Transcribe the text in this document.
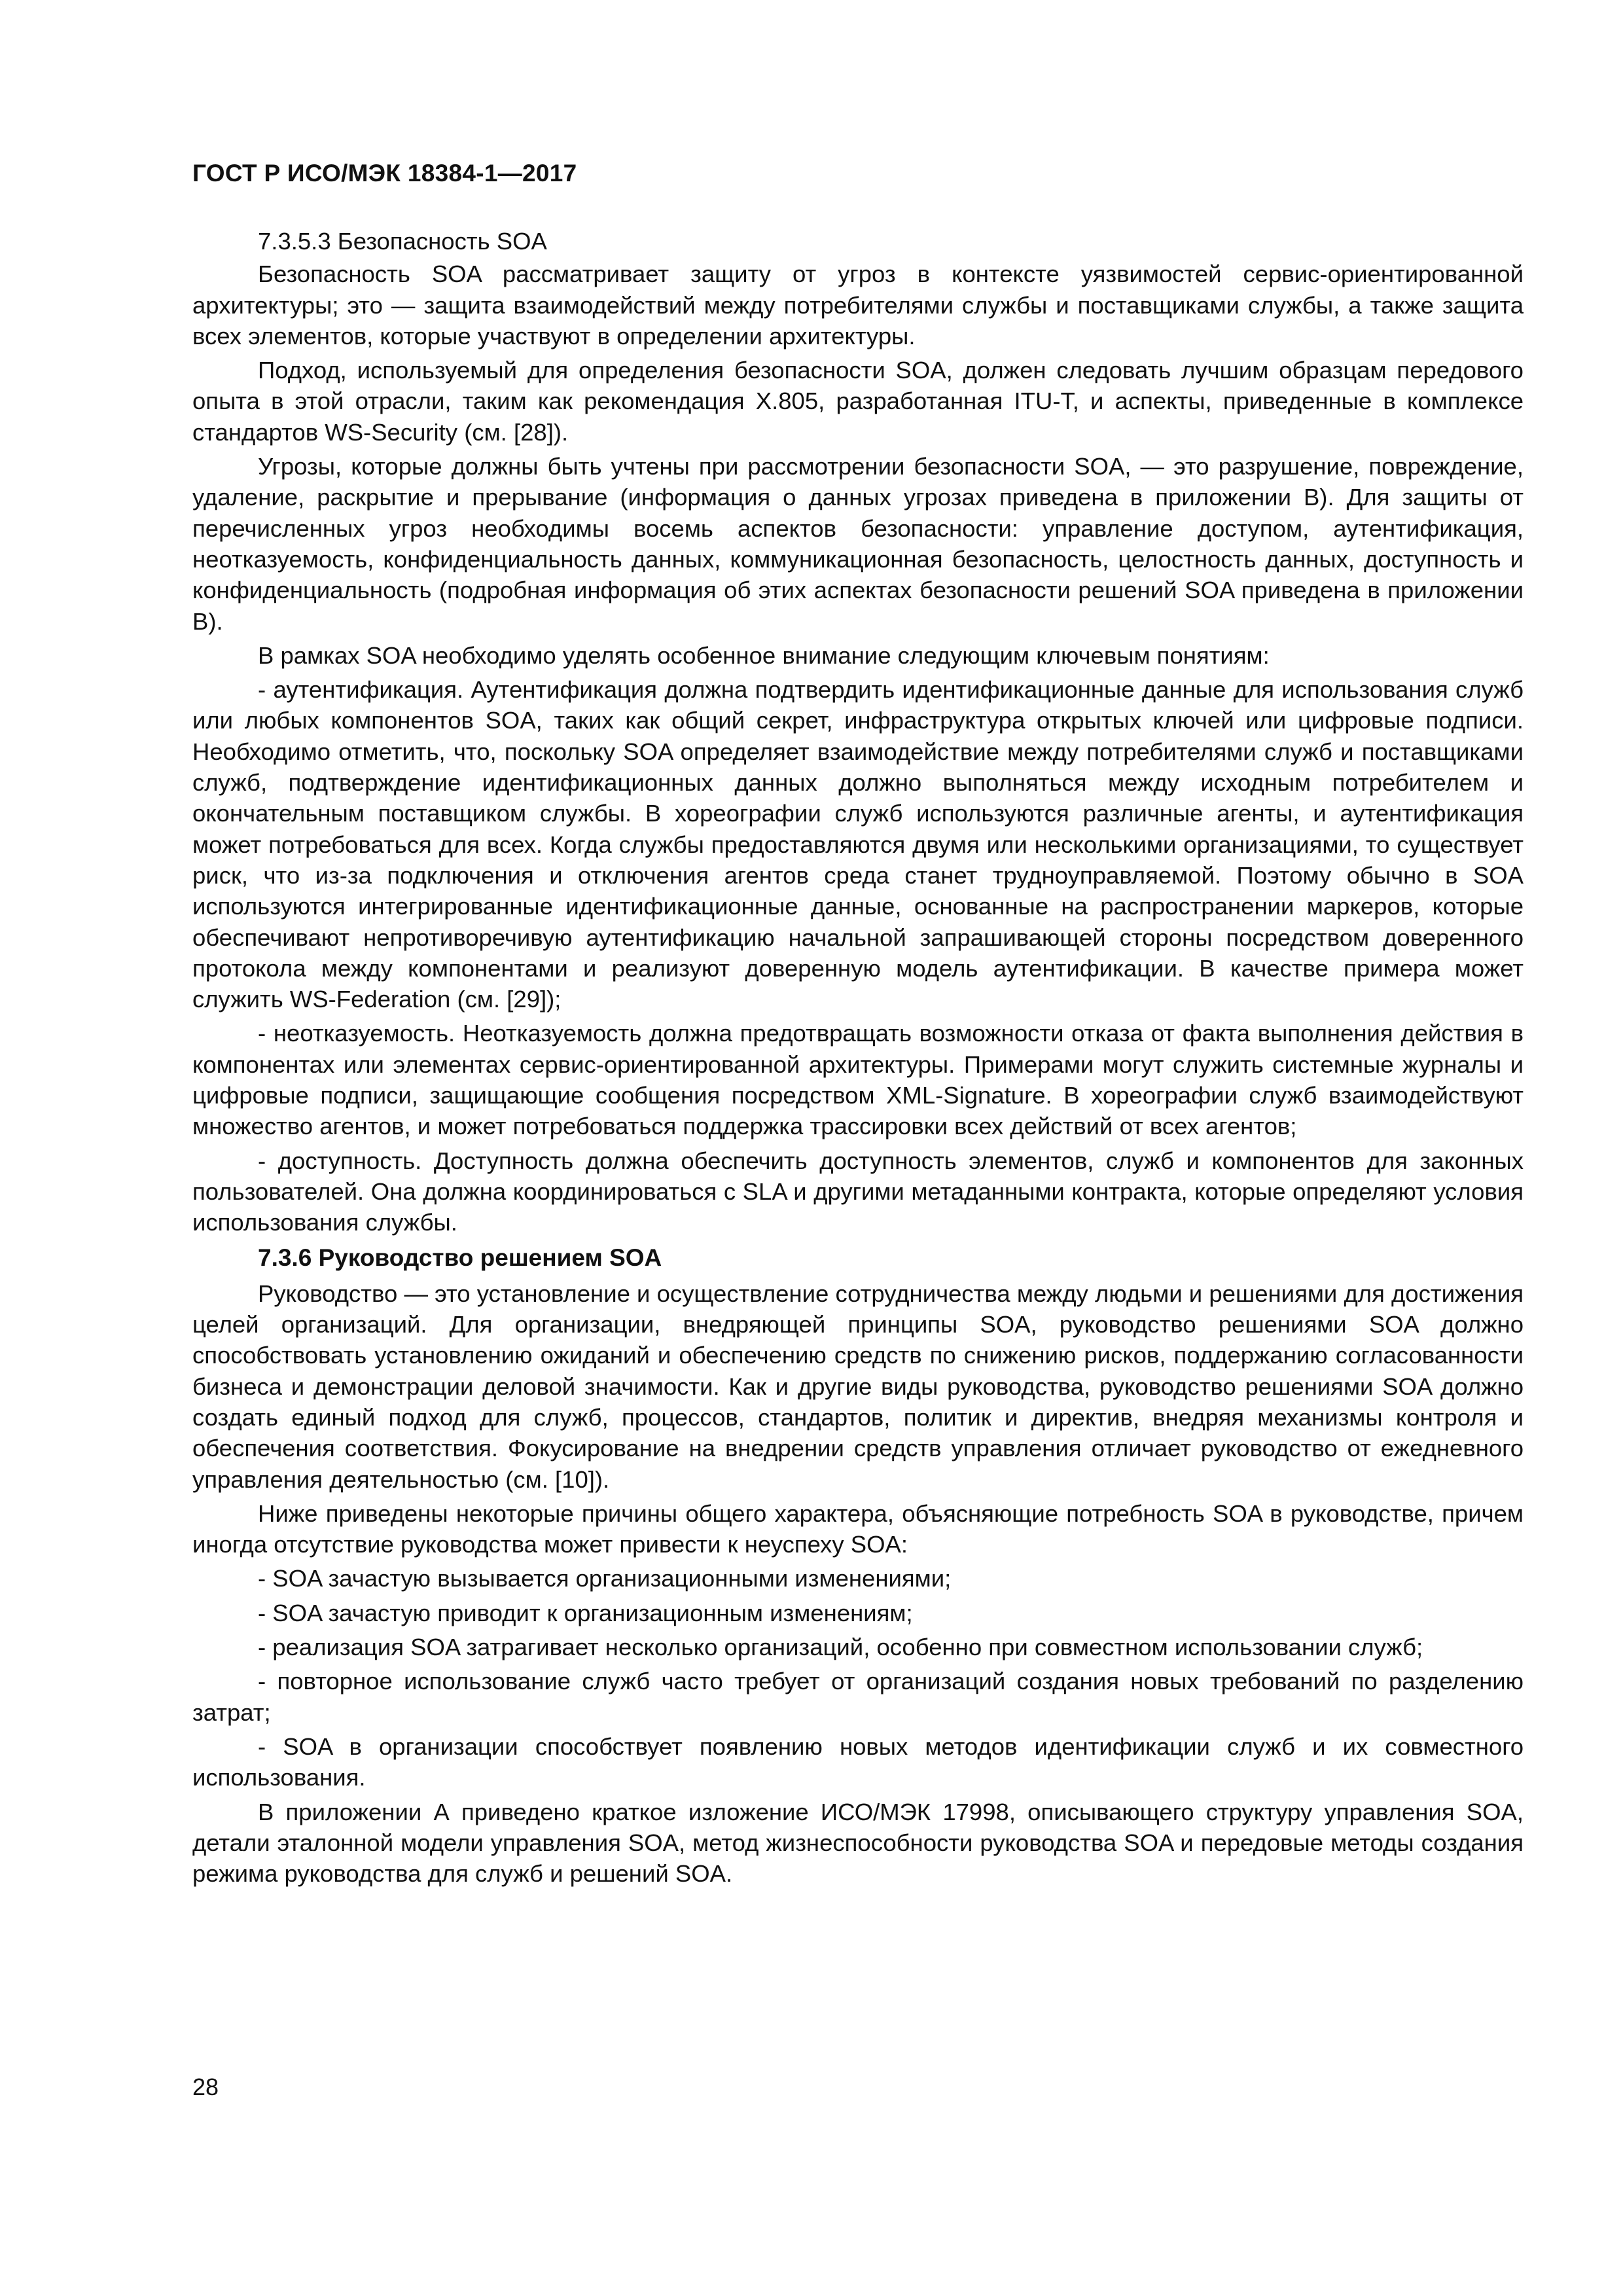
ГОСТ Р ИСО/МЭК 18384-1—2017

7.3.5.3 Безопасность SOA

Безопасность SOA рассматривает защиту от угроз в контексте уязвимостей сервис-ориентированной архитектуры; это — защита взаимодействий между потребителями службы и поставщиками службы, а также защита всех элементов, которые участвуют в определении архитектуры.

Подход, используемый для определения безопасности SOA, должен следовать лучшим образцам передового опыта в этой отрасли, таким как рекомендация X.805, разработанная ITU-T, и аспекты, приведенные в комплексе стандартов WS-Security (см. [28]).

Угрозы, которые должны быть учтены при рассмотрении безопасности SOA, — это разрушение, повреждение, удаление, раскрытие и прерывание (информация о данных угрозах приведена в приложении В). Для защиты от перечисленных угроз необходимы восемь аспектов безопасности: управление доступом, аутентификация, неотказуемость, конфиденциальность данных, коммуникационная безопасность, целостность данных, доступность и конфиденциальность (подробная информация об этих аспектах безопасности решений SOA приведена в приложении В).

В рамках SOA необходимо уделять особенное внимание следующим ключевым понятиям:

- аутентификация. Аутентификация должна подтвердить идентификационные данные для использования служб или любых компонентов SOA, таких как общий секрет, инфраструктура открытых ключей или цифровые подписи. Необходимо отметить, что, поскольку SOA определяет взаимодействие между потребителями служб и поставщиками служб, подтверждение идентификационных данных должно выполняться между исходным потребителем и окончательным поставщиком службы. В хореографии служб используются различные агенты, и аутентификация может потребоваться для всех. Когда службы предоставляются двумя или несколькими организациями, то существует риск, что из-за подключения и отключения агентов среда станет трудноуправляемой. Поэтому обычно в SOA используются интегрированные идентификационные данные, основанные на распространении маркеров, которые обеспечивают непротиворечивую аутентификацию начальной запрашивающей стороны посредством доверенного протокола между компонентами и реализуют доверенную модель аутентификации. В качестве примера может служить WS-Federation (см. [29]);

- неотказуемость. Неотказуемость должна предотвращать возможности отказа от факта выполнения действия в компонентах или элементах сервис-ориентированной архитектуры. Примерами могут служить системные журналы и цифровые подписи, защищающие сообщения посредством XML-Signature. В хореографии служб взаимодействуют множество агентов, и может потребоваться поддержка трассировки всех действий от всех агентов;

- доступность. Доступность должна обеспечить доступность элементов, служб и компонентов для законных пользователей. Она должна координироваться с SLA и другими метаданными контракта, которые определяют условия использования службы.

7.3.6 Руководство решением SOA

Руководство — это установление и осуществление сотрудничества между людьми и решениями для достижения целей организаций. Для организации, внедряющей принципы SOA, руководство решениями SOA должно способствовать установлению ожиданий и обеспечению средств по снижению рисков, поддержанию согласованности бизнеса и демонстрации деловой значимости. Как и другие виды руководства, руководство решениями SOA должно создать единый подход для служб, процессов, стандартов, политик и директив, внедряя механизмы контроля и обеспечения соответствия. Фокусирование на внедрении средств управления отличает руководство от ежедневного управления деятельностью (см. [10]).

Ниже приведены некоторые причины общего характера, объясняющие потребность SOA в руководстве, причем иногда отсутствие руководства может привести к неуспеху SOA:

- SOA зачастую вызывается организационными изменениями;

- SOA зачастую приводит к организационным изменениям;

- реализация SOA затрагивает несколько организаций, особенно при совместном использовании служб;

- повторное использование служб часто требует от организаций создания новых требований по разделению затрат;

- SOA в организации способствует появлению новых методов идентификации служб и их совместного использования.

В приложении А приведено краткое изложение ИСО/МЭК 17998, описывающего структуру управления SOA, детали эталонной модели управления SOA, метод жизнеспособности руководства SOA и передовые методы создания режима руководства для служб и решений SOA.

28
